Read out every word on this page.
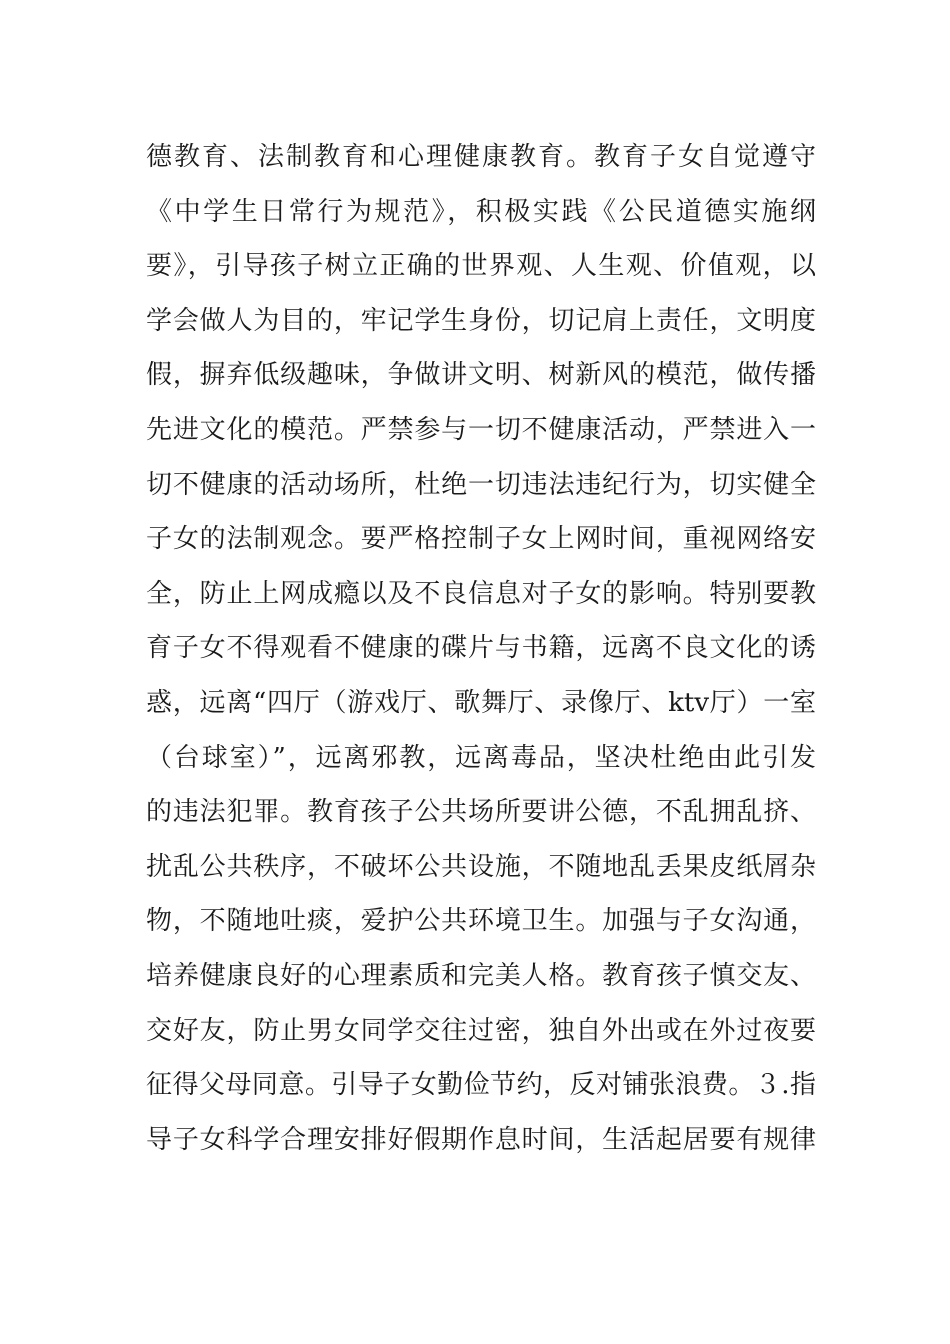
德教育、法制教育和心理健康教育。教育子女自觉遵守
《中学生日常行为规范》，积极实践《公民道德实施纲
要》，引导孩子树立正确的世界观、人生观、价值观，以
学会做人为目的，牢记学生身份，切记肩上责任，文明度
假，摒弃低级趣味，争做讲文明、树新风的模范，做传播
先进文化的模范。严禁参与一切不健康活动，严禁进入一
切不健康的活动场所，杜绝一切违法违纪行为，切实健全
子女的法制观念。要严格控制子女上网时间，重视网络安
全，防止上网成瘾以及不良信息对子女的影响。特别要教
育子女不得观看不健康的碟片与书籍，远离不良文化的诱
惑，远离“四厅（游戏厅、歌舞厅、录像厅、ktv厅）一室
（台球室）”，远离邪教，远离毒品，坚决杜绝由此引发
的违法犯罪。教育孩子公共场所要讲公德，不乱拥乱挤、
扰乱公共秩序，不破坏公共设施，不随地乱丢果皮纸屑杂
物，不随地吐痰，爱护公共环境卫生。加强与子女沟通，
培养健康良好的心理素质和完美人格。教育孩子慎交友、
交好友，防止男女同学交往过密，独自外出或在外过夜要
征得父母同意。引导子女勤俭节约，反对铺张浪费。３.指
导子女科学合理安排好假期作息时间，生活起居要有规律
